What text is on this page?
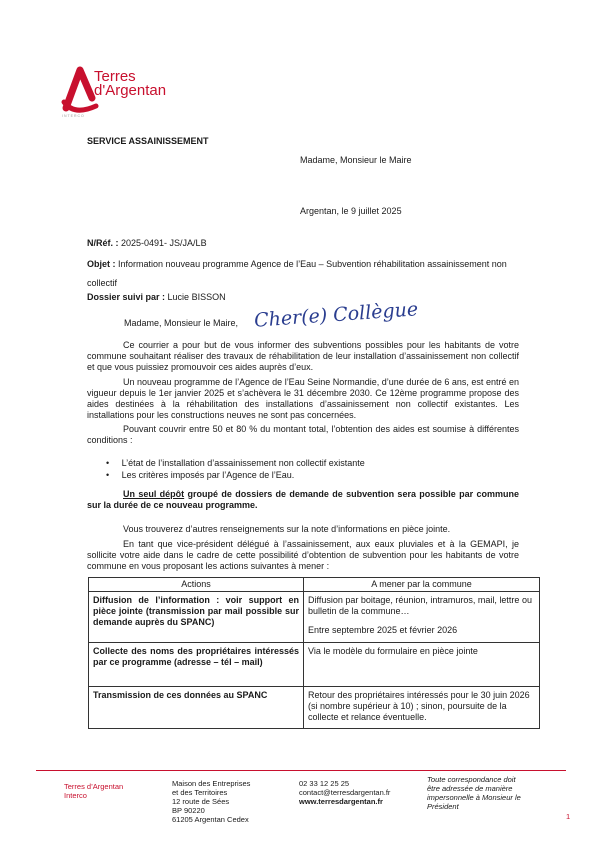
Terres
d'Argentan
INTERCO
SERVICE ASSAINISSEMENT
Madame, Monsieur le Maire
Argentan, le 9 juillet 2025
N/Réf. : 2025-0491- JS/JA/LB
Objet : Information nouveau programme Agence de l’Eau – Subvention réhabilitation assainissement non collectif
Dossier suivi par : Lucie BISSON
Madame, Monsieur le Maire, Cher(e) Collègue
Ce courrier a pour but de vous informer des subventions possibles pour les habitants de votre commune souhaitant réaliser des travaux de réhabilitation de leur installation d’assainissement non collectif et que vous puissiez promouvoir ces aides auprès d’eux.
Un nouveau programme de l’Agence de l’Eau Seine Normandie, d’une durée de 6 ans, est entré en vigueur depuis le 1er janvier 2025 et s’achèvera le 31 décembre 2030. Ce 12ème programme propose des aides destinées à la réhabilitation des installations d’assainissement non collectif existantes. Les installations pour les constructions neuves ne sont pas concernées.
Pouvant couvrir entre 50 et 80 % du montant total, l’obtention des aides est soumise à différentes conditions :
• L’état de l’installation d’assainissement non collectif existante
• Les critères imposés par l’Agence de l’Eau.
Un seul dépôt groupé de dossiers de demande de subvention sera possible par commune sur la durée de ce nouveau programme.
Vous trouverez d’autres renseignements sur la note d’informations en pièce jointe.
En tant que vice-président délégué à l’assainissement, aux eaux pluviales et à la GEMAPI, je sollicite votre aide dans le cadre de cette possibilité d’obtention de subvention pour les habitants de votre commune en vous proposant les actions suivantes à mener :
Actions	A mener par la commune
Diffusion de l’information : voir support en pièce jointe (transmission par mail possible sur demande auprès du SPANC)	Diffusion par boitage, réunion, intramuros, mail, lettre ou bulletin de la commune…
Entre septembre 2025 et février 2026

Collecte des noms des propriétaires intéressés par ce programme (adresse – tél – mail)	Via le modèle du formulaire en pièce jointe
Transmission de ces données au SPANC	Retour des propriétaires intéressés pour le 30 juin 2026 (si nombre supérieur à 10) ; sinon, poursuite de la collecte et relance éventuelle.
Terres d’Argentan
Interco
Maison des Entreprises
et des Territoires
12 route de Sées
BP 90220
61205 Argentan Cedex
02 33 12 25 25
contact@terresdargentan.fr
www.terresdargentan.fr
Toute correspondance doit
être adressée de manière
impersonnelle à Monsieur le
Président
1
